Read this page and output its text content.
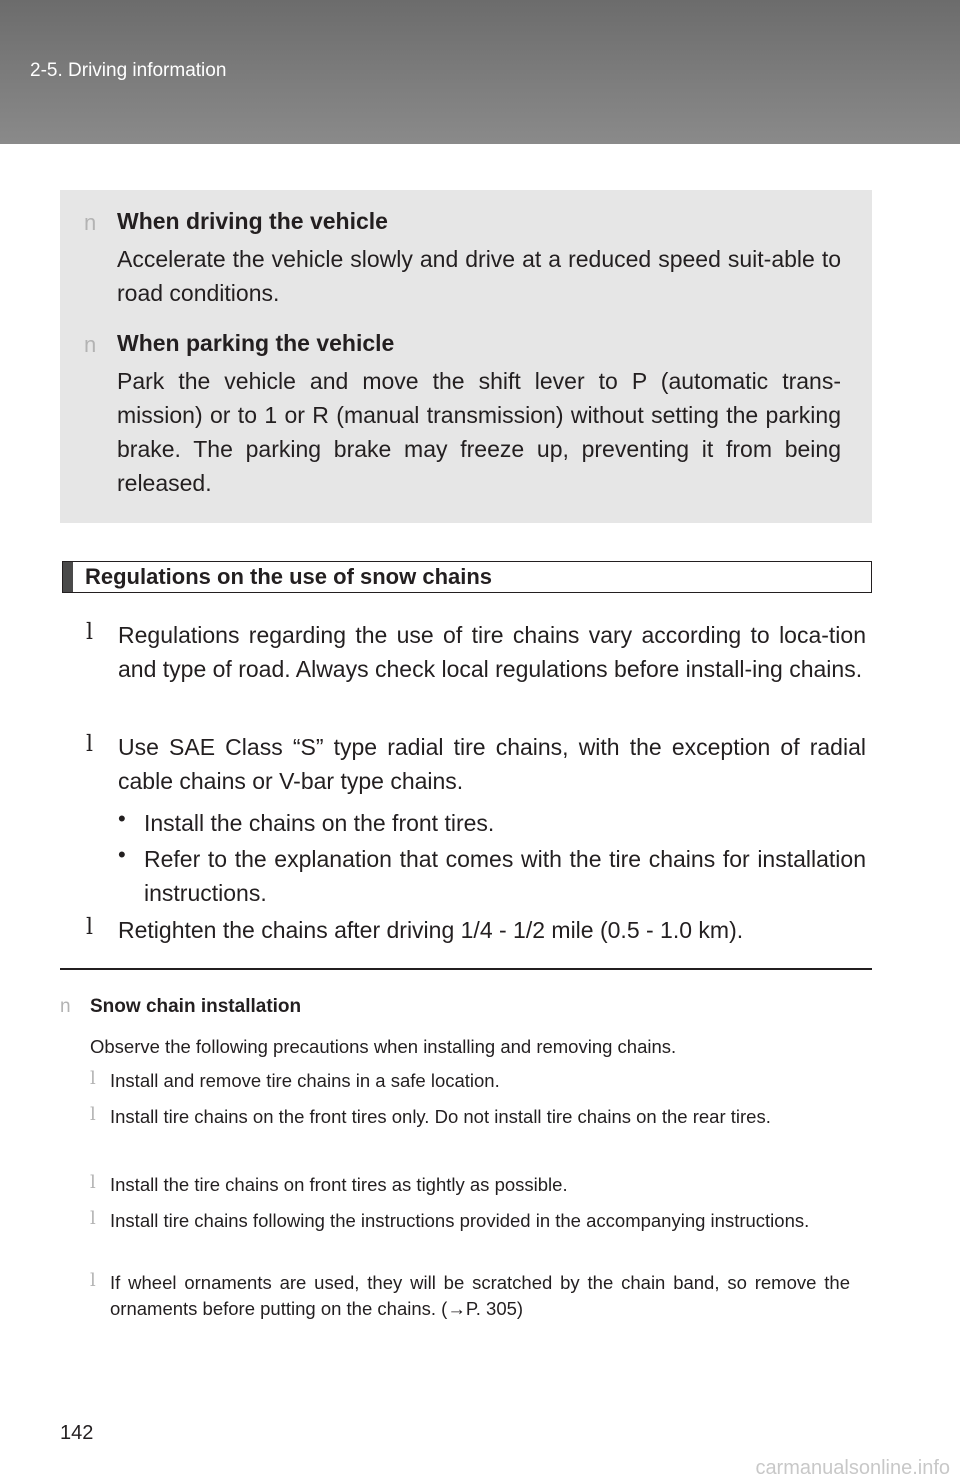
2-5. Driving information
n When driving the vehicle
Accelerate the vehicle slowly and drive at a reduced speed suit-able to road conditions.
n When parking the vehicle
Park the vehicle and move the shift lever to P (automatic trans-mission) or to 1 or R (manual transmission) without setting the parking brake. The parking brake may freeze up, preventing it from being released.
Regulations on the use of snow chains
l Regulations regarding the use of tire chains vary according to loca-tion and type of road. Always check local regulations before install-ing chains.
l Use SAE Class “S” type radial tire chains, with the exception of radial cable chains or V-bar type chains.
• Install the chains on the front tires.
• Refer to the explanation that comes with the tire chains for installation instructions.
l Retighten the chains after driving 1/4 - 1/2 mile (0.5 - 1.0 km).
n Snow chain installation
Observe the following precautions when installing and removing chains.
l Install and remove tire chains in a safe location.
l Install tire chains on the front tires only. Do not install tire chains on the rear tires.
l Install the tire chains on front tires as tightly as possible.
l Install tire chains following the instructions provided in the accompanying instructions.
l If wheel ornaments are used, they will be scratched by the chain band, so remove the ornaments before putting on the chains. (→P. 305)
142
carmanualsonline.info
